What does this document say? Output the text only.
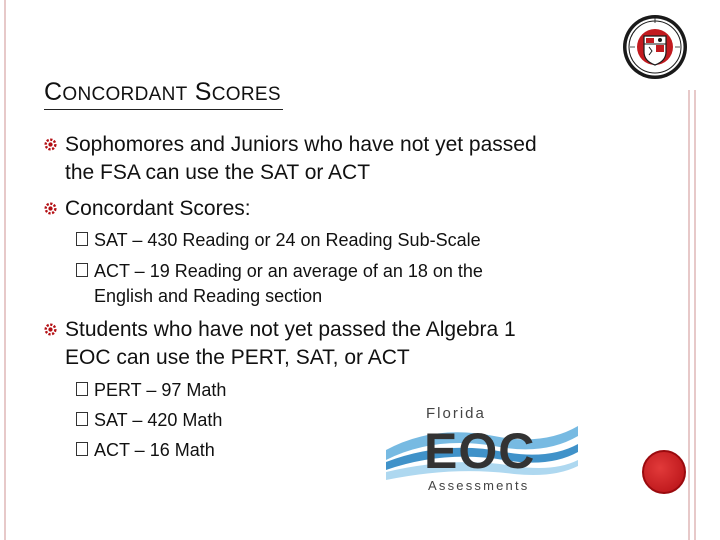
CONCORDANT SCORES
Sophomores and Juniors who have not yet passed
the FSA can use the SAT or ACT
Concordant Scores:
SAT – 430 Reading or 24 on Reading Sub-Scale
ACT – 19 Reading or an average of an 18 on the
English and Reading section
Students who have not yet passed the Algebra 1
EOC can use the PERT, SAT, or ACT
PERT – 97 Math
SAT – 420 Math
ACT – 16 Math
Florida
EOC
Assessments
